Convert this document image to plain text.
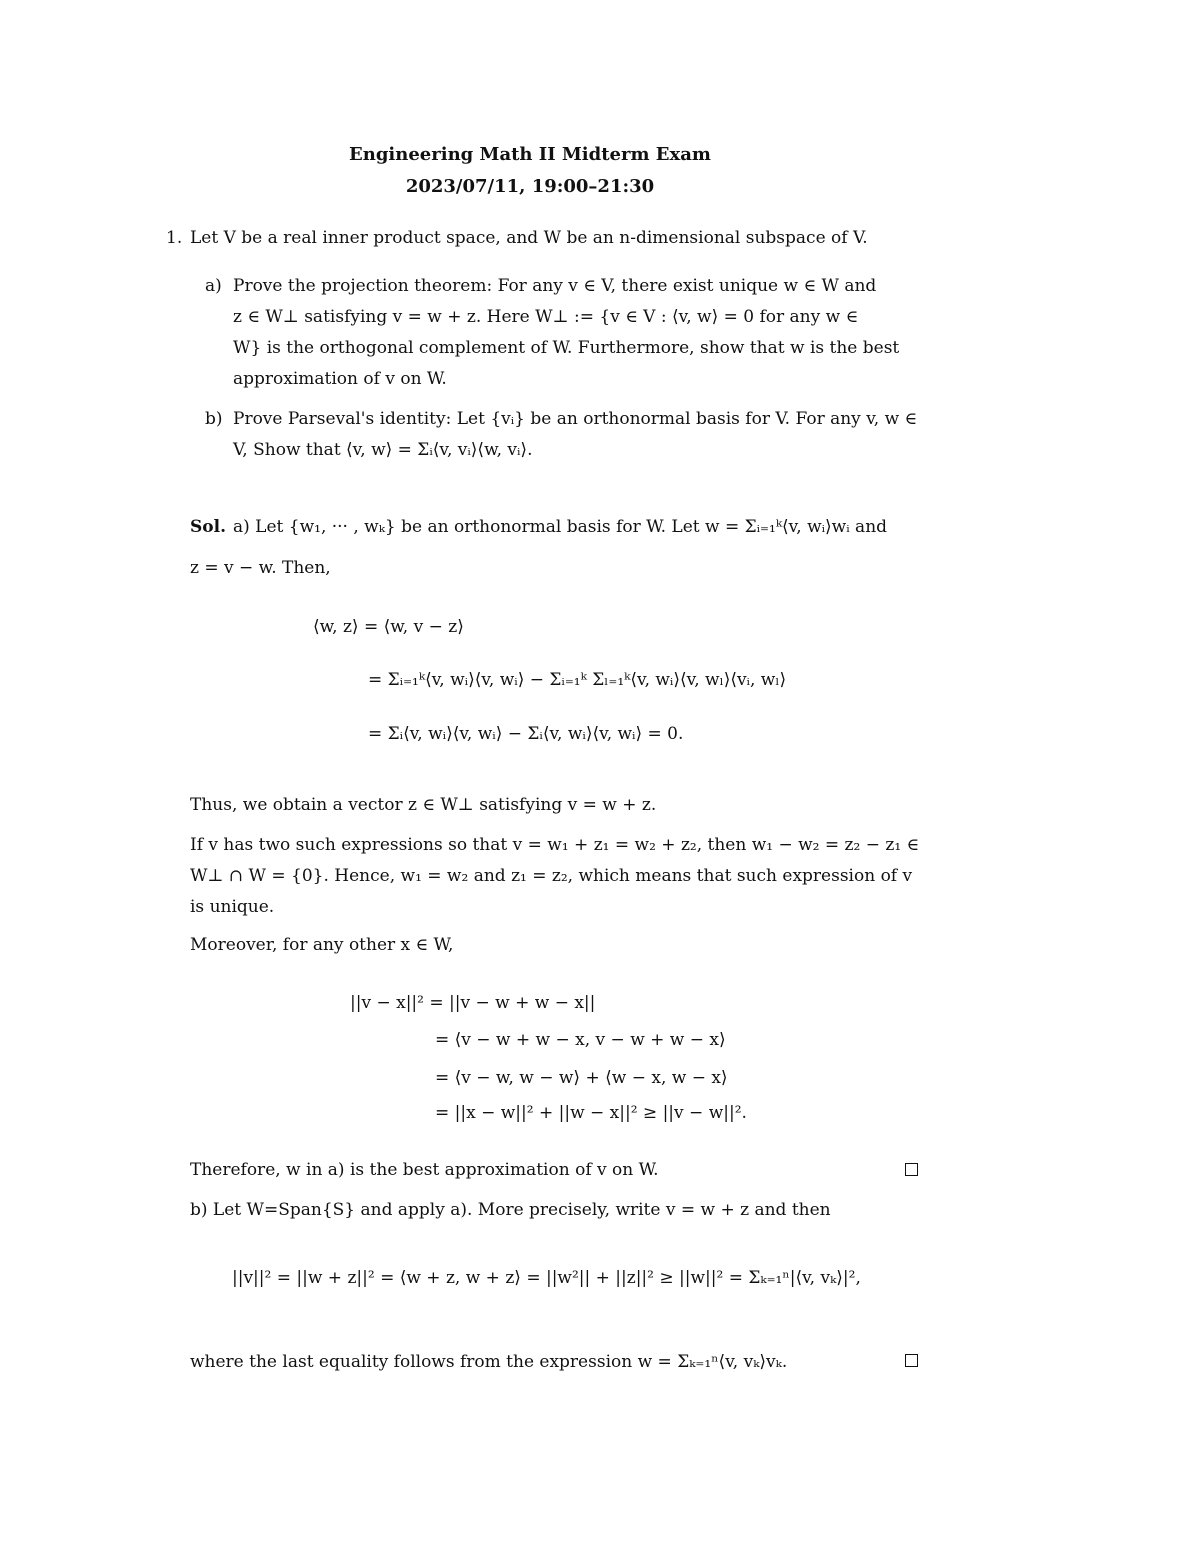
Engineering Math II Midterm Exam
2023/07/11, 19:00–21:30
1. Let V be a real inner product space, and W be an n-dimensional subspace of V.
a) Prove the projection theorem: For any v ∈ V, there exist unique w ∈ W and
z ∈ W⊥ satisfying v = w + z. Here W⊥ := {v ∈ V : ⟨v, w⟩ = 0 for any w ∈
W} is the orthogonal complement of W. Furthermore, show that w is the best
approximation of v on W.
b) Prove Parseval's identity: Let {vᵢ} be an orthonormal basis for V. For any v, w ∈
V, Show that ⟨v, w⟩ = Σᵢ⟨v, vᵢ⟩⟨w, vᵢ⟩.
Sol. a) Let {w₁, ··· , wₖ} be an orthonormal basis for W. Let w = Σᵢ₌₁ᵏ⟨v, wᵢ⟩wᵢ and
z = v − w. Then,
⟨w, z⟩ = ⟨w, v − z⟩
= Σᵢ₌₁ᵏ⟨v, wᵢ⟩⟨v, wᵢ⟩ − Σᵢ₌₁ᵏ Σₗ₌₁ᵏ⟨v, wᵢ⟩⟨v, wₗ⟩⟨vᵢ, wₗ⟩
= Σᵢ⟨v, wᵢ⟩⟨v, wᵢ⟩ − Σᵢ⟨v, wᵢ⟩⟨v, wᵢ⟩ = 0.
Thus, we obtain a vector z ∈ W⊥ satisfying v = w + z.
If v has two such expressions so that v = w₁ + z₁ = w₂ + z₂, then w₁ − w₂ = z₂ − z₁ ∈
W⊥ ∩ W = {0}. Hence, w₁ = w₂ and z₁ = z₂, which means that such expression of v
is unique.
Moreover, for any other x ∈ W,
||v − x||² = ||v − w + w − x||
= ⟨v − w + w − x, v − w + w − x⟩
= ⟨v − w, w − w⟩ + ⟨w − x, w − x⟩
= ||x − w||² + ||w − x||² ≥ ||v − w||².
Therefore, w in a) is the best approximation of v on W.
b) Let W=Span{S} and apply a). More precisely, write v = w + z and then
||v||² = ||w + z||² = ⟨w + z, w + z⟩ = ||w²|| + ||z||² ≥ ||w||² = Σₖ₌₁ⁿ|⟨v, vₖ⟩|²,
where the last equality follows from the expression w = Σₖ₌₁ⁿ⟨v, vₖ⟩vₖ.
